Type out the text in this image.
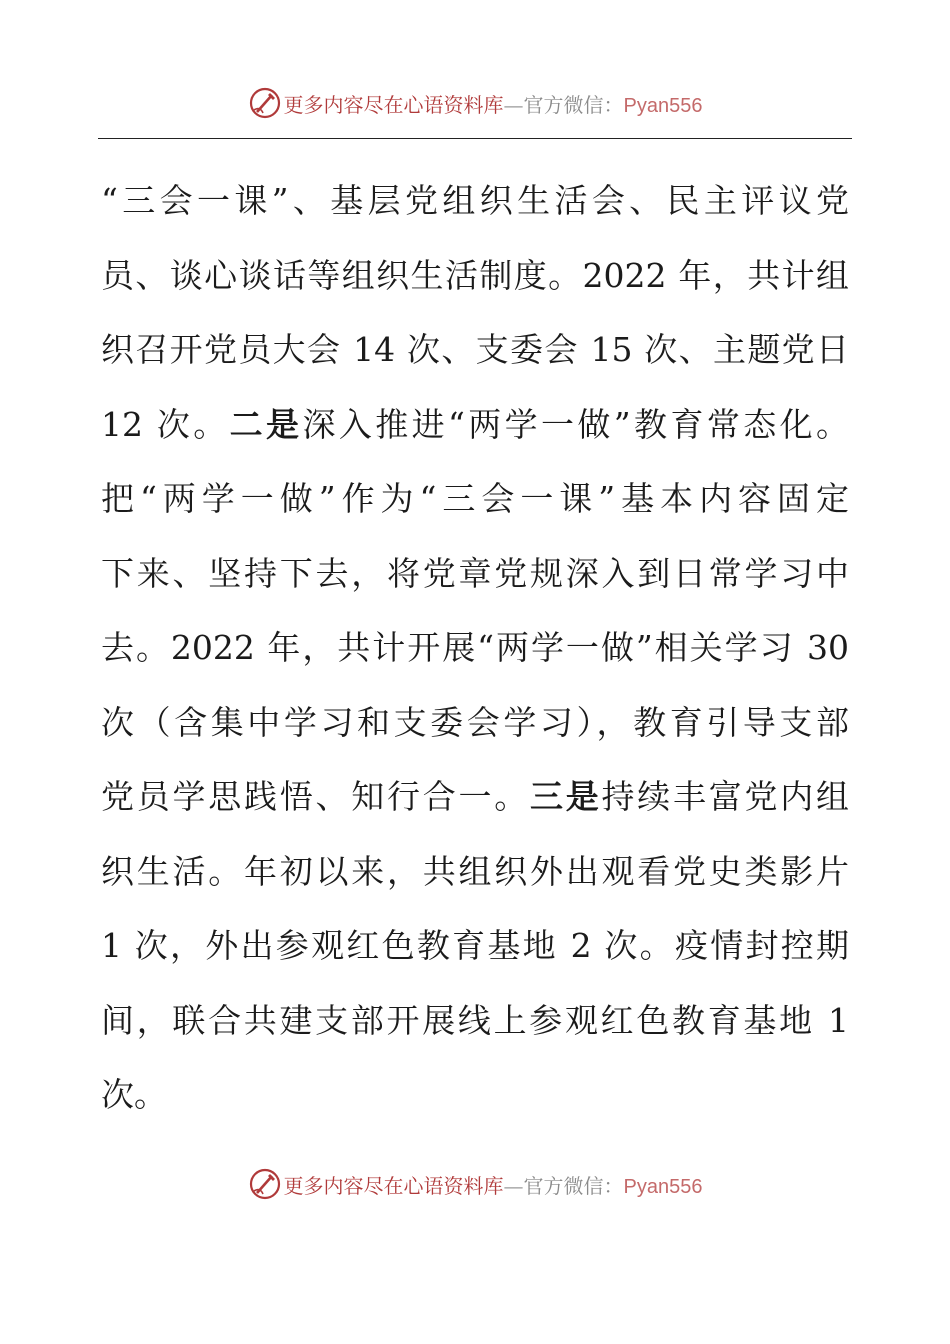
更多内容尽在心语资料库 — 官方微信： Pyan556
“三会一课”、基层党组织生活会、民主评议党
员、谈心谈话等组织生活制度。2022 年，共计组
织召开党员大会 14 次、支委会 15 次、主题党日
12 次。二是深入推进“两学一做”教育常态化。
把“两学一做”作为“三会一课”基本内容固定
下来、坚持下去，将党章党规深入到日常学习中
去。2022 年，共计开展“两学一做”相关学习 30
次（含集中学习和支委会学习），教育引导支部
党员学思践悟、知行合一。三是持续丰富党内组
织生活。年初以来，共组织外出观看党史类影片
1 次，外出参观红色教育基地 2 次。疫情封控期
间，联合共建支部开展线上参观红色教育基地 1
次。
更多内容尽在心语资料库 — 官方微信： Pyan556
